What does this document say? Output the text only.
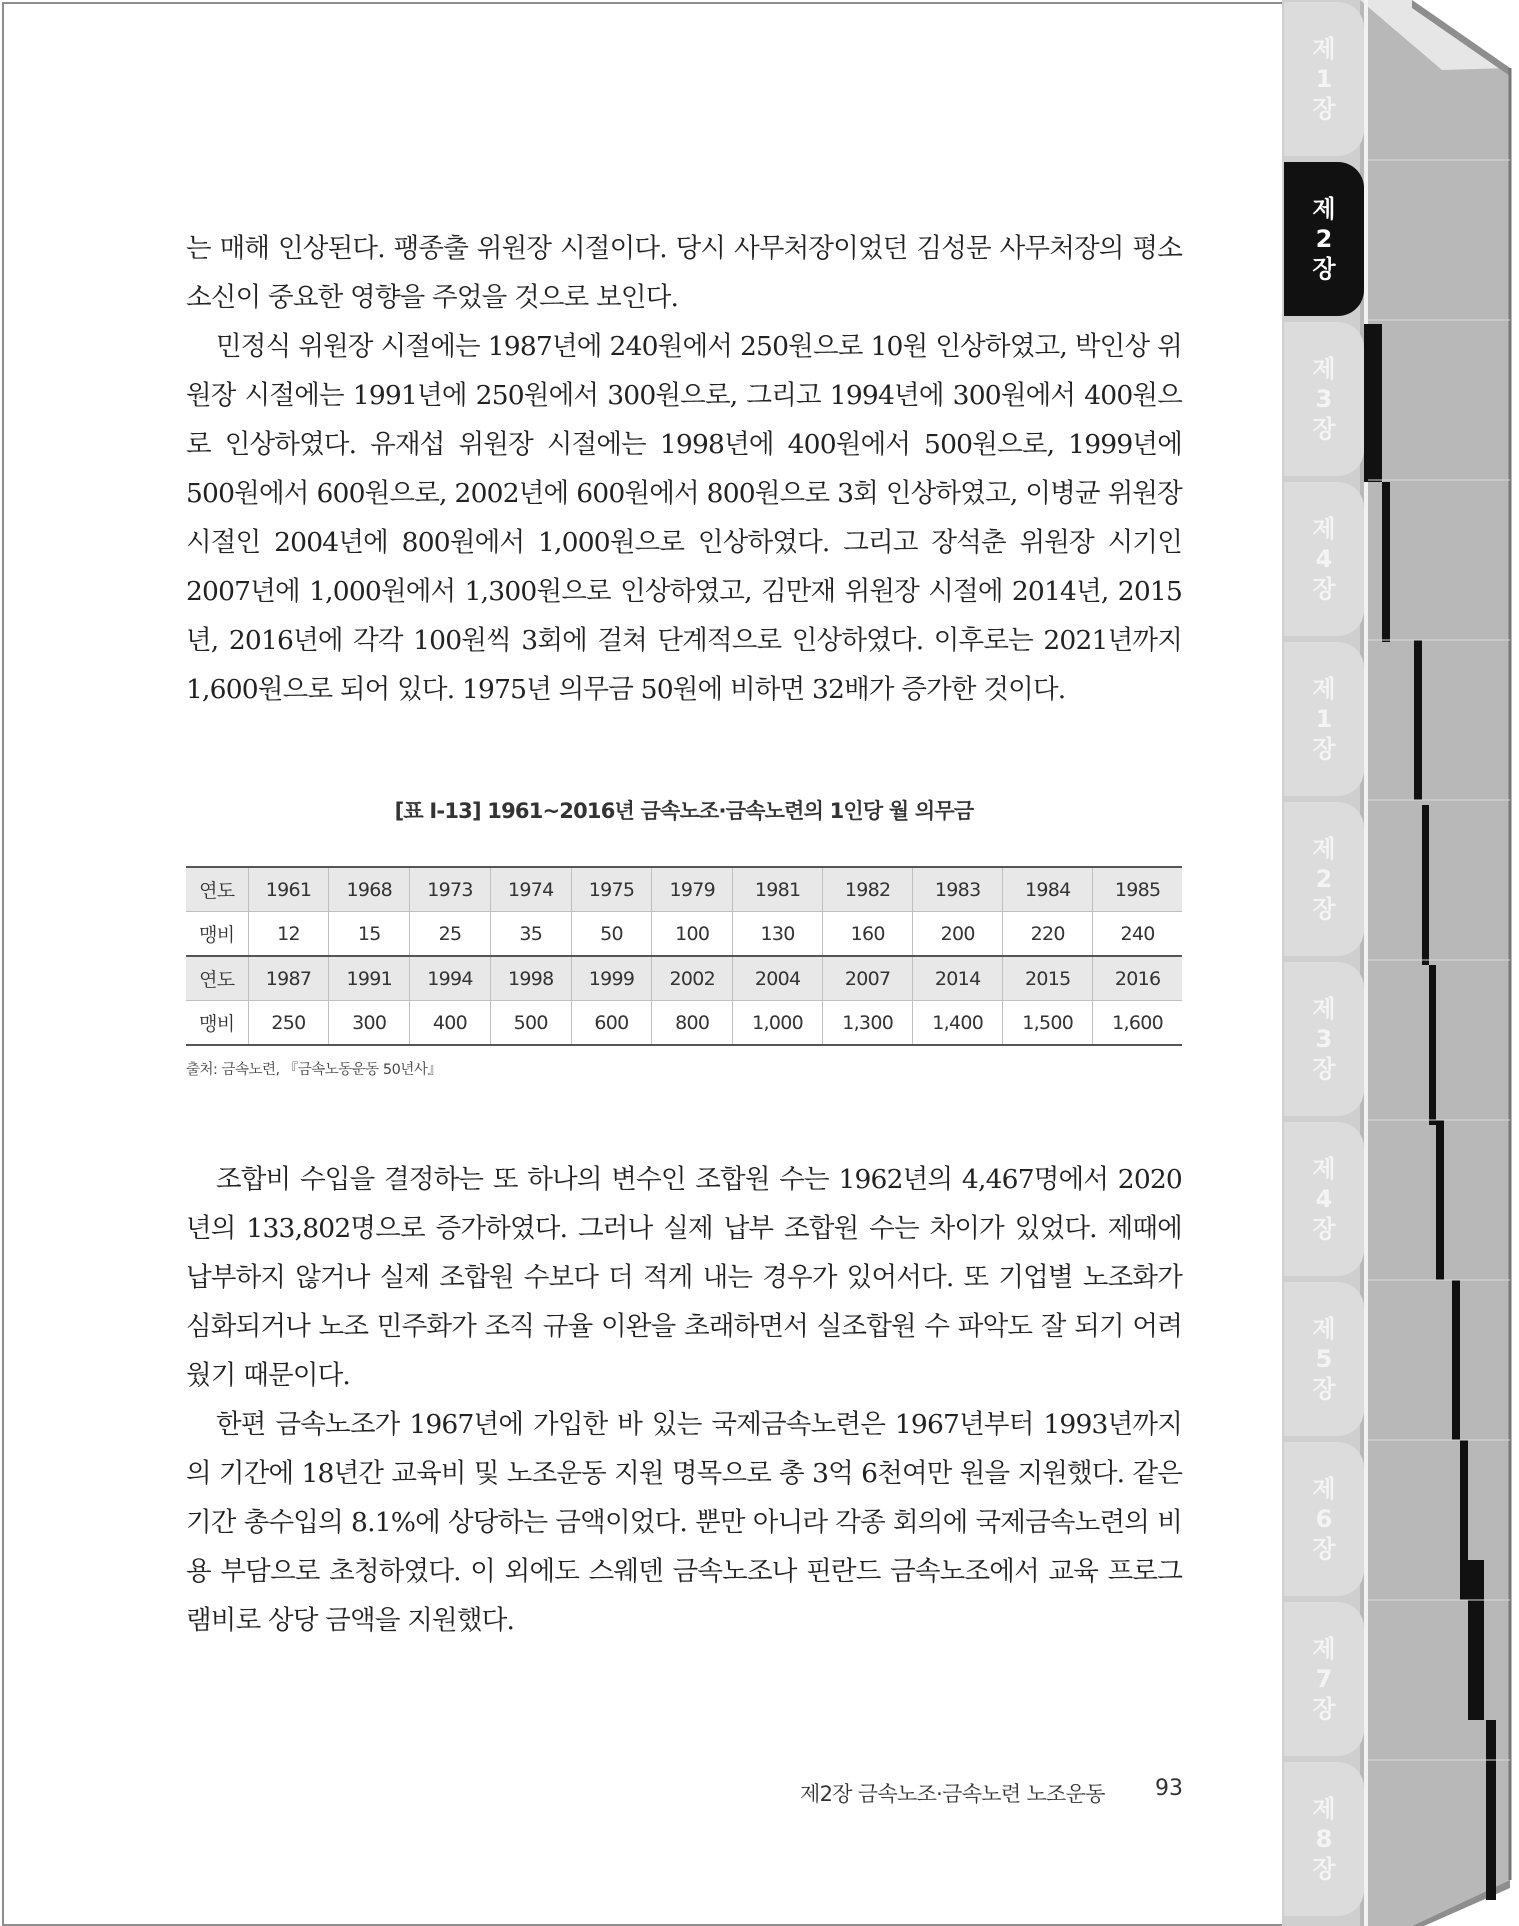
는 매해 인상된다. 팽종출 위원장 시절이다. 당시 사무처장이었던 김성문 사무처장의 평소 소신이 중요한 영향을 주었을 것으로 보인다.

민정식 위원장 시절에는 1987년에 240원에서 250원으로 10원 인상하였고, 박인상 위원장 시절에는 1991년에 250원에서 300원으로, 그리고 1994년에 300원에서 400원으로 인상하였다. 유재섭 위원장 시절에는 1998년에 400원에서 500원으로, 1999년에 500원에서 600원으로, 2002년에 600원에서 800원으로 3회 인상하였고, 이병균 위원장 시절인 2004년에 800원에서 1,000원으로 인상하였다. 그리고 장석춘 위원장 시기인 2007년에 1,000원에서 1,300원으로 인상하였고, 김만재 위원장 시절에 2014년, 2015년, 2016년에 각각 100원씩 3회에 걸쳐 단계적으로 인상하였다. 이후로는 2021년까지 1,600원으로 되어 있다. 1975년 의무금 50원에 비하면 32배가 증가한 것이다.

[표 Ⅰ-13] 1961~2016년 금속노조·금속노련의 1인당 월 의무금
연도	1961	1968	1973	1974	1975	1979	1981	1982	1983	1984	1985
맹비	12	15	25	35	50	100	130	160	200	220	240
연도	1987	1991	1994	1998	1999	2002	2004	2007	2014	2015	2016
맹비	250	300	400	500	600	800	1,000	1,300	1,400	1,500	1,600
출처: 금속노련, 『금속노동운동 50년사』

조합비 수입을 결정하는 또 하나의 변수인 조합원 수는 1962년의 4,467명에서 2020년의 133,802명으로 증가하였다. 그러나 실제 납부 조합원 수는 차이가 있었다. 제때에 납부하지 않거나 실제 조합원 수보다 더 적게 내는 경우가 있어서다. 또 기업별 노조화가 심화되거나 노조 민주화가 조직 규율 이완을 초래하면서 실조합원 수 파악도 잘 되기 어려웠기 때문이다.

한편 금속노조가 1967년에 가입한 바 있는 국제금속노련은 1967년부터 1993년까지의 기간에 18년간 교육비 및 노조운동 지원 명목으로 총 3억 6천여만 원을 지원했다. 같은 기간 총수입의 8.1%에 상당하는 금액이었다. 뿐만 아니라 각종 회의에 국제금속노련의 비용 부담으로 초청하였다. 이 외에도 스웨덴 금속노조나 핀란드 금속노조에서 교육 프로그램비로 상당 금액을 지원했다.

제2장 금속노조·금속노련 노조운동 93
제
1
장
제
2
장
제
3
장
제
4
장
제
1
장
제
2
장
제
3
장
제
4
장
제
5
장
제
6
장
제
7
장
제
8
장
